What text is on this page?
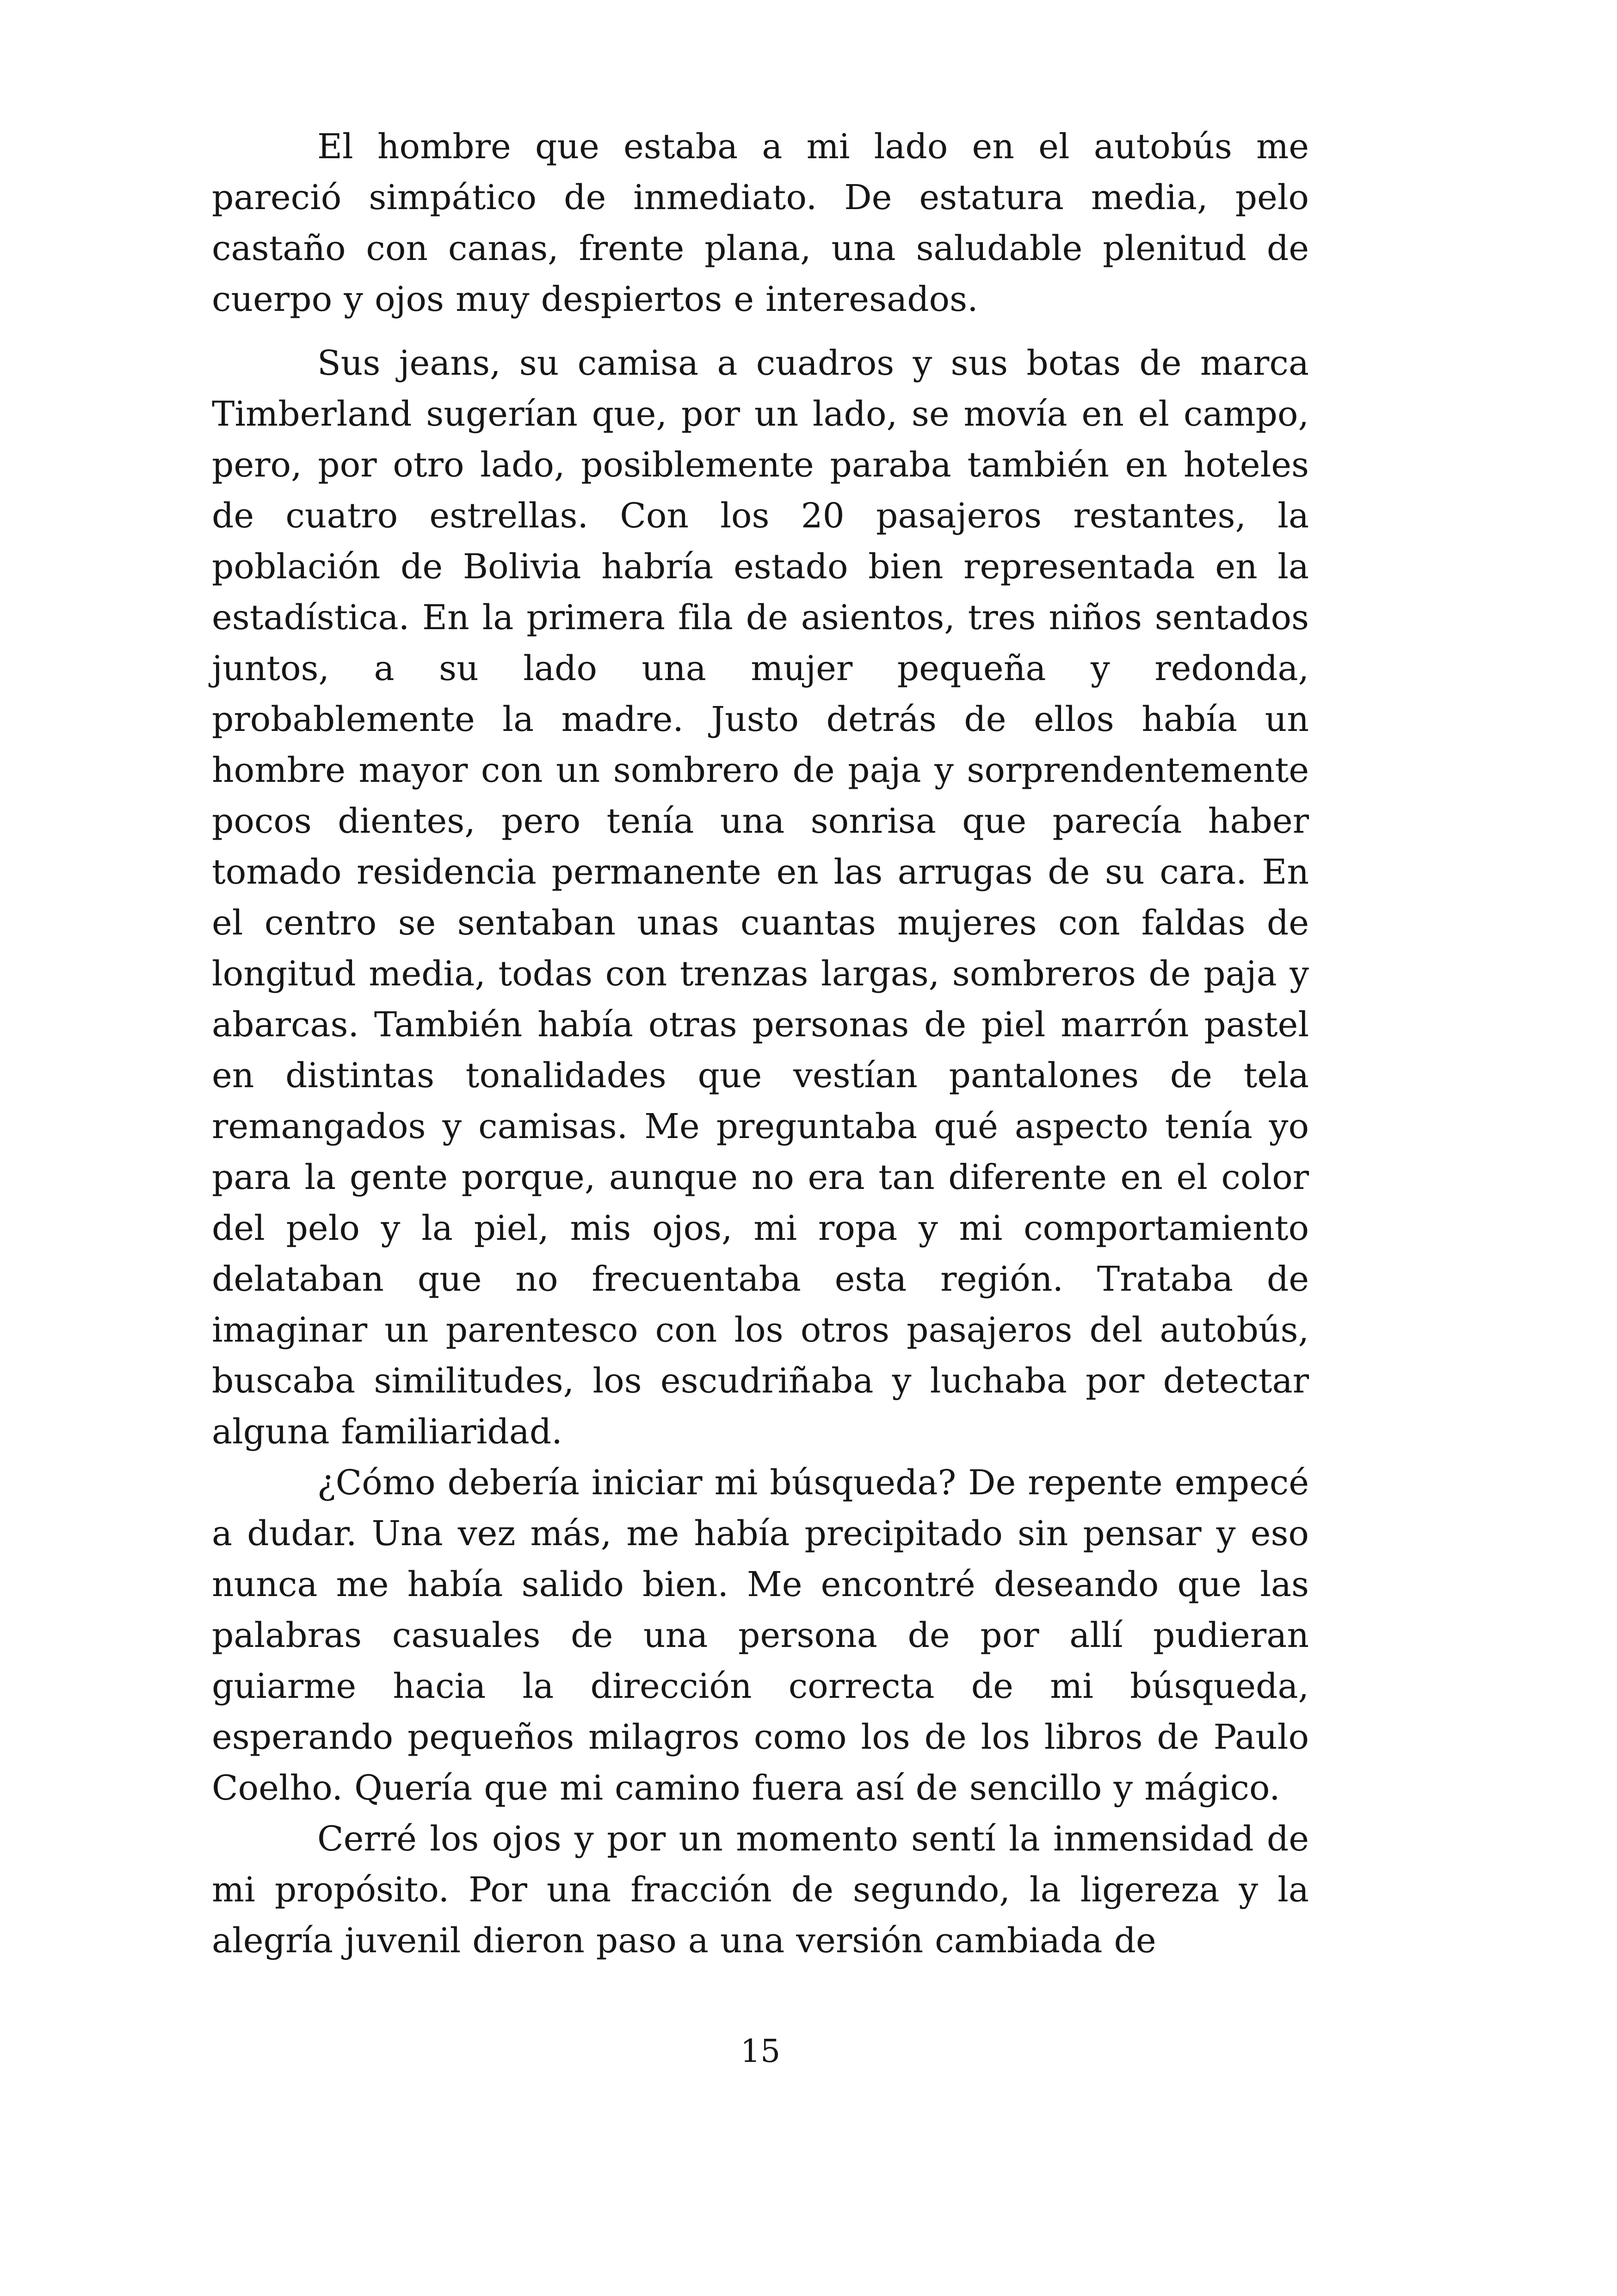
El hombre que estaba a mi lado en el autobús me pareció simpático de inmediato. De estatura media, pelo castaño con canas, frente plana, una saludable plenitud de cuerpo y ojos muy despiertos e interesados.

Sus jeans, su camisa a cuadros y sus botas de marca Timberland sugerían que, por un lado, se movía en el campo, pero, por otro lado, posiblemente paraba también en hoteles de cuatro estrellas. Con los 20 pasajeros restantes, la población de Bolivia habría estado bien representada en la estadística. En la primera fila de asientos, tres niños sentados juntos, a su lado una mujer pequeña y redonda, probablemente la madre. Justo detrás de ellos había un hombre mayor con un sombrero de paja y sorprendentemente pocos dientes, pero tenía una sonrisa que parecía haber tomado residencia permanente en las arrugas de su cara. En el centro se sentaban unas cuantas mujeres con faldas de longitud media, todas con trenzas largas, sombreros de paja y abarcas. También había otras personas de piel marrón pastel en distintas tonalidades que vestían pantalones de tela remangados y camisas. Me preguntaba qué aspecto tenía yo para la gente porque, aunque no era tan diferente en el color del pelo y la piel, mis ojos, mi ropa y mi comportamiento delataban que no frecuentaba esta región. Trataba de imaginar un parentesco con los otros pasajeros del autobús, buscaba similitudes, los escudriñaba y luchaba por detectar alguna familiaridad.

¿Cómo debería iniciar mi búsqueda? De repente empecé a dudar. Una vez más, me había precipitado sin pensar y eso nunca me había salido bien. Me encontré deseando que las palabras casuales de una persona de por allí pudieran guiarme hacia la dirección correcta de mi búsqueda, esperando pequeños milagros como los de los libros de Paulo Coelho. Quería que mi camino fuera así de sencillo y mágico.

Cerré los ojos y por un momento sentí la inmensidad de mi propósito. Por una fracción de segundo, la ligereza y la alegría juvenil dieron paso a una versión cambiada de

15
